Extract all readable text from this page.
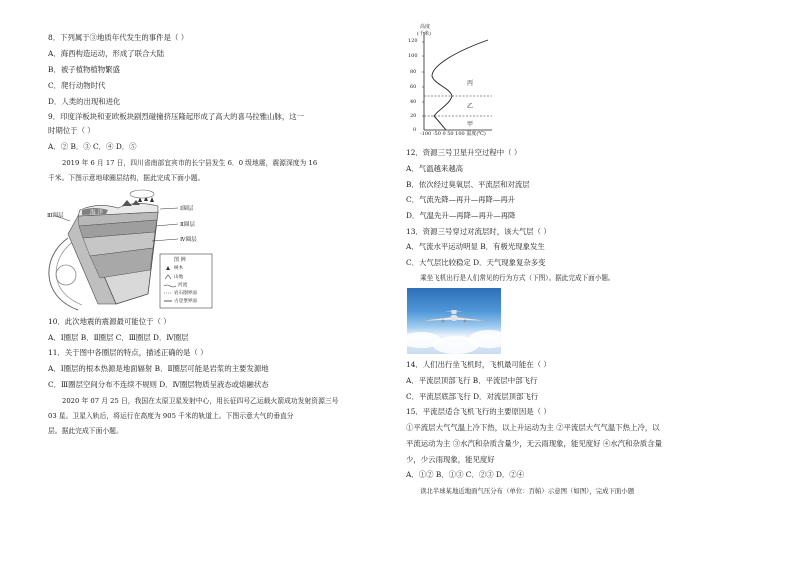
8．下列属于③地质年代发生的事件是（ ）
A．海西构造运动，形成了联合大陆
B．被子植物植物繁盛
C．爬行动物时代
D．人类的出现和进化
9．印度洋板块和亚欧板块剧烈碰撞挤压隆起形成了高大的喜马拉雅山脉，这一
时期位于（ ）
A．② B．③ C．④ D．⑤
2019 年 6 月 17 日，四川省南部宜宾市的长宁县发生 6．0 级地震，震源深度为 16
千米。下图示意地球圈层结构，据此完成下面小题。
Ⅲ圈层	海 洋
Ⅰ圈层
Ⅱ圈层
Ⅳ圈层
图 例
树木
山地
河流
岩石圈界面
古登堡界面
10．此次地震的震源最可能位于（ ）
A．Ⅰ圈层 B．Ⅱ圈层 C．Ⅲ圈层 D．Ⅳ圈层
11．关于图中各圈层的特点，描述正确的是（ ）
A．Ⅰ圈层的根本热源是地面辐射 B．Ⅱ圈层可能是岩浆的主要发源地
C．Ⅲ圈层空间分布不连续不规则 D．Ⅳ圈层物质呈液态或熔融状态
2020 年 07 月 25 日，我国在太原卫星发射中心，用长征四号乙运载火箭成功发射资源三号
03 星。卫星入轨后，将运行在高度为 905 千米的轨道上。下图示意大气的垂直分
层。据此完成下面小题。
高度
(千米)
120
100
80
60
40
20
0
-100 -50 0 50 100 温度(℃)
丙
乙
甲
12．资源三号卫星升空过程中（ ）
A．气温越来越高
B．依次经过臭氧层、平流层和对流层
C．气流先降—再升—再降—再升
D．气温先升—再降—再升—再降
13．资源三号穿过对流层时，该大气层（ ）
A．气流水平运动明显 B．有极光现象发生
C．大气层比较稳定 D．天气现象复杂多变
乘坐飞机出行是人们常见的行为方式（下图）。据此完成下面小题。
14．人们出行坐飞机时，飞机最可能在（ ）
A．平流层顶部飞行 B．平流层中部飞行
C．平流层底部飞行 D．对流层顶部飞行
15．平流层适合飞机飞行的主要原因是（ ）
①平流层大气气温上冷下热，以上升运动为主 ②平流层大气气温下热上冷，以
平流运动为主 ③水汽和杂质含量少，无云雨现象，能见度好 ④水汽和杂质含量
少，少云雨现象，能见度好
A．①② B．①③ C．②③ D．②④
读北半球某地近地面气压分布（单位：百帕）示意图（如图），完成下面小题
